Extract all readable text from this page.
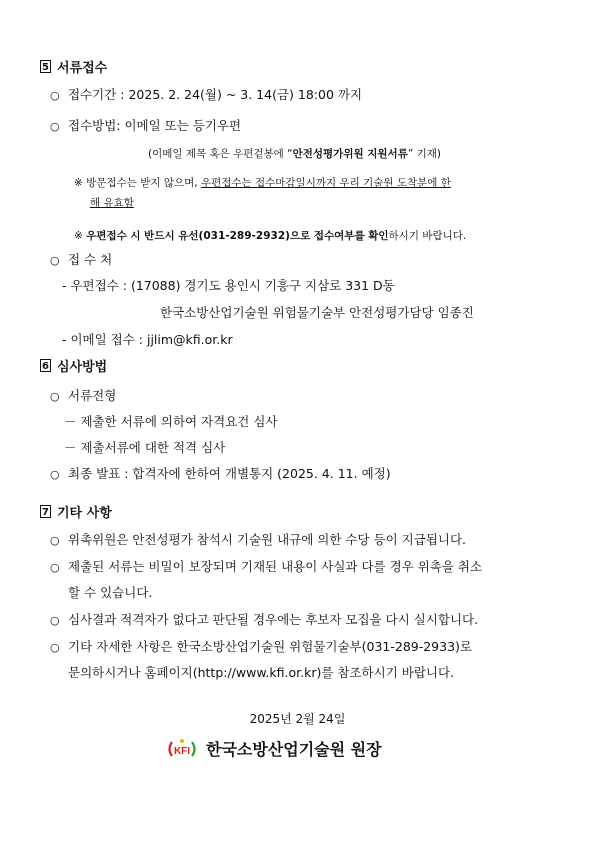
5 서류접수
○ 접수기간 : 2025. 2. 24(월) ~ 3. 14(금) 18:00 까지
○ 접수방법: 이메일 또는 등기우편
(이메일 제목 혹은 우편겉봉에 “안전성평가위원 지원서류” 기재)
※ 방문접수는 받지 않으며, 우편접수는 접수마감일시까지 우리 기술원 도착분에 한
해 유효함
※ 우편접수 시 반드시 유선(031-289-2932)으로 접수여부를 확인하시기 바랍니다.
○ 접 수 처
- 우편접수 : (17088) 경기도 용인시 기흥구 지삼로 331 D동
한국소방산업기술원 위험물기술부 안전성평가담당 임종진
- 이메일 접수 : jjlim@kfi.or.kr
6 심사방법
○ 서류전형
－ 제출한 서류에 의하여 자격요건 심사
－ 제출서류에 대한 적격 심사
○ 최종 발표 : 합격자에 한하여 개별통지 (2025. 4. 11. 예정)
7 기타 사항
○ 위촉위원은 안전성평가 참석시 기술원 내규에 의한 수당 등이 지급됩니다.
○ 제출된 서류는 비밀이 보장되며 기재된 내용이 사실과 다를 경우 위촉을 취소
할 수 있습니다.
○ 심사결과 적격자가 없다고 판단될 경우에는 후보자 모집을 다시 실시합니다.
○ 기타 자세한 사항은 한국소방산업기술원 위험물기술부(031-289-2933)로
문의하시거나 홈페이지(http://www.kfi.or.kr)를 참조하시기 바랍니다.
2025년 2월 24일
KFI 한국소방산업기술원 원장
